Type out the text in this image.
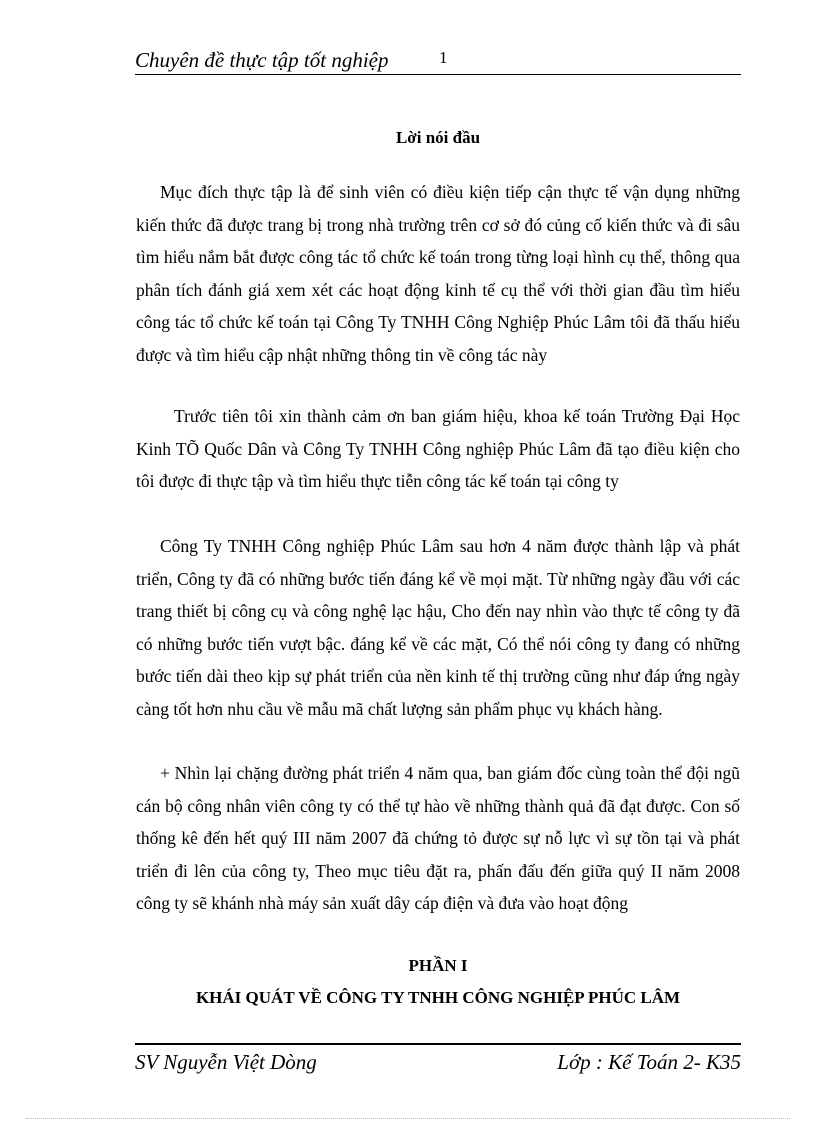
Chuyên đề thực tập tốt nghiệp	1
Lời nói đầu

Mục đích thực tập là để sinh viên có điều kiện tiếp cận thực tế vận dụng những kiến thức đã được trang bị trong nhà trường trên cơ sở đó củng cố kiến thức và đi sâu tìm hiểu nắm bắt được công tác tổ chức kế toán trong từng loại hình cụ thể, thông qua phân tích đánh giá xem xét các hoạt động kinh tế cụ thể với thời gian đầu tìm hiểu công tác tổ chức kế toán tại Công Ty TNHH Công Nghiệp Phúc Lâm tôi đã thấu hiểu được và tìm hiểu cập nhật những thông tin về công tác này

Trước tiên tôi xin thành cảm ơn ban giám hiệu, khoa kế toán Trường Đại Học Kinh TÕ Quốc Dân và Công Ty TNHH Công nghiệp Phúc Lâm đã tạo điều kiện cho tôi được đi thực tập và tìm hiểu thực tiễn công tác kế toán tại công ty

Công Ty TNHH Công nghiệp Phúc Lâm sau hơn 4 năm được thành lập và phát triển, Công ty đã có những bước tiến đáng kể về mọi mặt. Từ những ngày đầu với các trang thiết bị công cụ và công nghệ lạc hậu, Cho đến nay nhìn vào thực tế công ty đã có những bước tiến vượt bậc. đáng kể về các mặt, Có thể nói công ty đang có những bước tiến dài theo kịp sự phát triển của nền kinh tế thị trường cũng như đáp ứng ngày càng tốt hơn nhu cầu về mẫu mã chất lượng sản phẩm phục vụ khách hàng.

+ Nhìn lại chặng đường phát triển 4 năm qua, ban giám đốc cùng toàn thể đội ngũ cán bộ công nhân viên công ty có thể tự hào về những thành quả đã đạt được. Con số thống kê đến hết quý III năm 2007 đã chứng tỏ được sự nỗ lực vì sự tồn tại và phát triển đi lên của công ty, Theo mục tiêu đặt ra, phấn đấu đến giữa quý II năm 2008 công ty sẽ khánh nhà máy sản xuất dây cáp điện và đưa vào hoạt động

PHẦN I
KHÁI QUÁT VỀ CÔNG TY TNHH CÔNG NGHIỆP PHÚC LÂM
SV Nguyễn Việt Dòng	Lớp : Kế Toán 2- K35
